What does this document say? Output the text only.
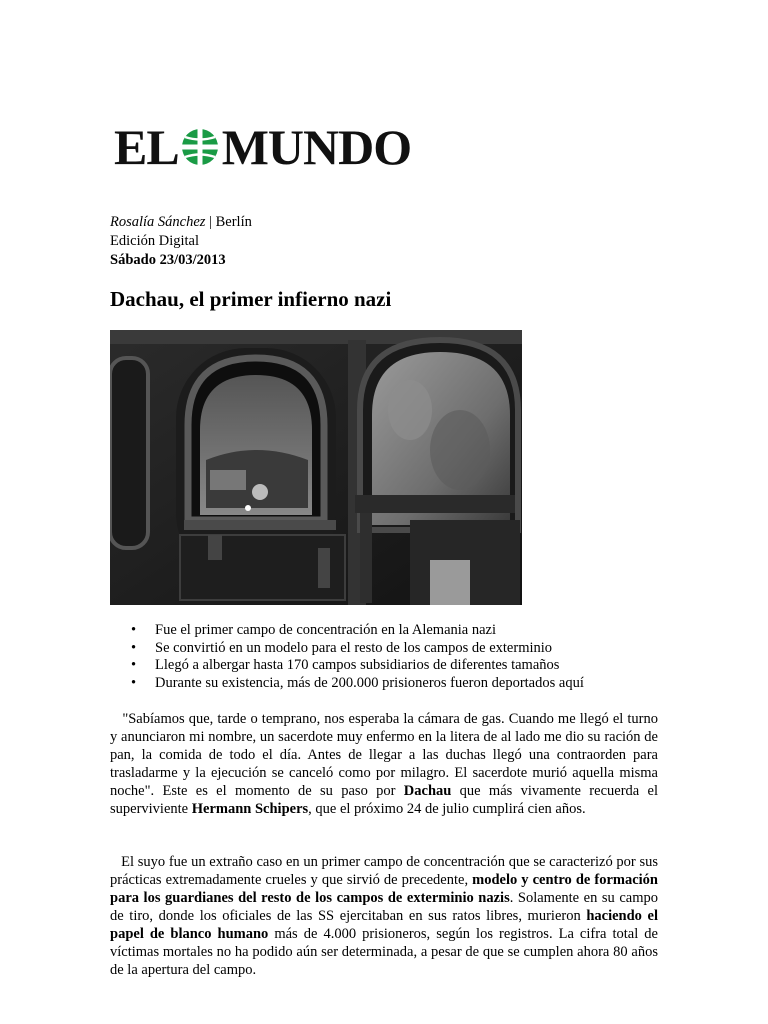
EL MUNDO
Rosalía Sánchez | Berlín
Edición Digital
Sábado 23/03/2013
Dachau, el primer infierno nazi
• Fue el primer campo de concentración en la Alemania nazi
• Se convirtió en un modelo para el resto de los campos de exterminio
• Llegó a albergar hasta 170 campos subsidiarios de diferentes tamaños
• Durante su existencia, más de 200.000 prisioneros fueron deportados aquí

"Sabíamos que, tarde o temprano, nos esperaba la cámara de gas. Cuando me llegó el turno y anunciaron mi nombre, un sacerdote muy enfermo en la litera de al lado me dio su ración de pan, la comida de todo el día. Antes de llegar a las duchas llegó una contraorden para trasladarme y la ejecución se canceló como por milagro. El sacerdote murió aquella misma noche". Este es el momento de su paso por Dachau que más vivamente recuerda el superviviente Hermann Schipers, que el próximo 24 de julio cumplirá cien años.

El suyo fue un extraño caso en un primer campo de concentración que se caracterizó por sus prácticas extremadamente crueles y que sirvió de precedente, modelo y centro de formación para los guardianes del resto de los campos de exterminio nazis. Solamente en su campo de tiro, donde los oficiales de las SS ejercitaban en sus ratos libres, murieron haciendo el papel de blanco humano más de 4.000 prisioneros, según los registros. La cifra total de víctimas mortales no ha podido aún ser determinada, a pesar de que se cumplen ahora 80 años de la apertura del campo.
